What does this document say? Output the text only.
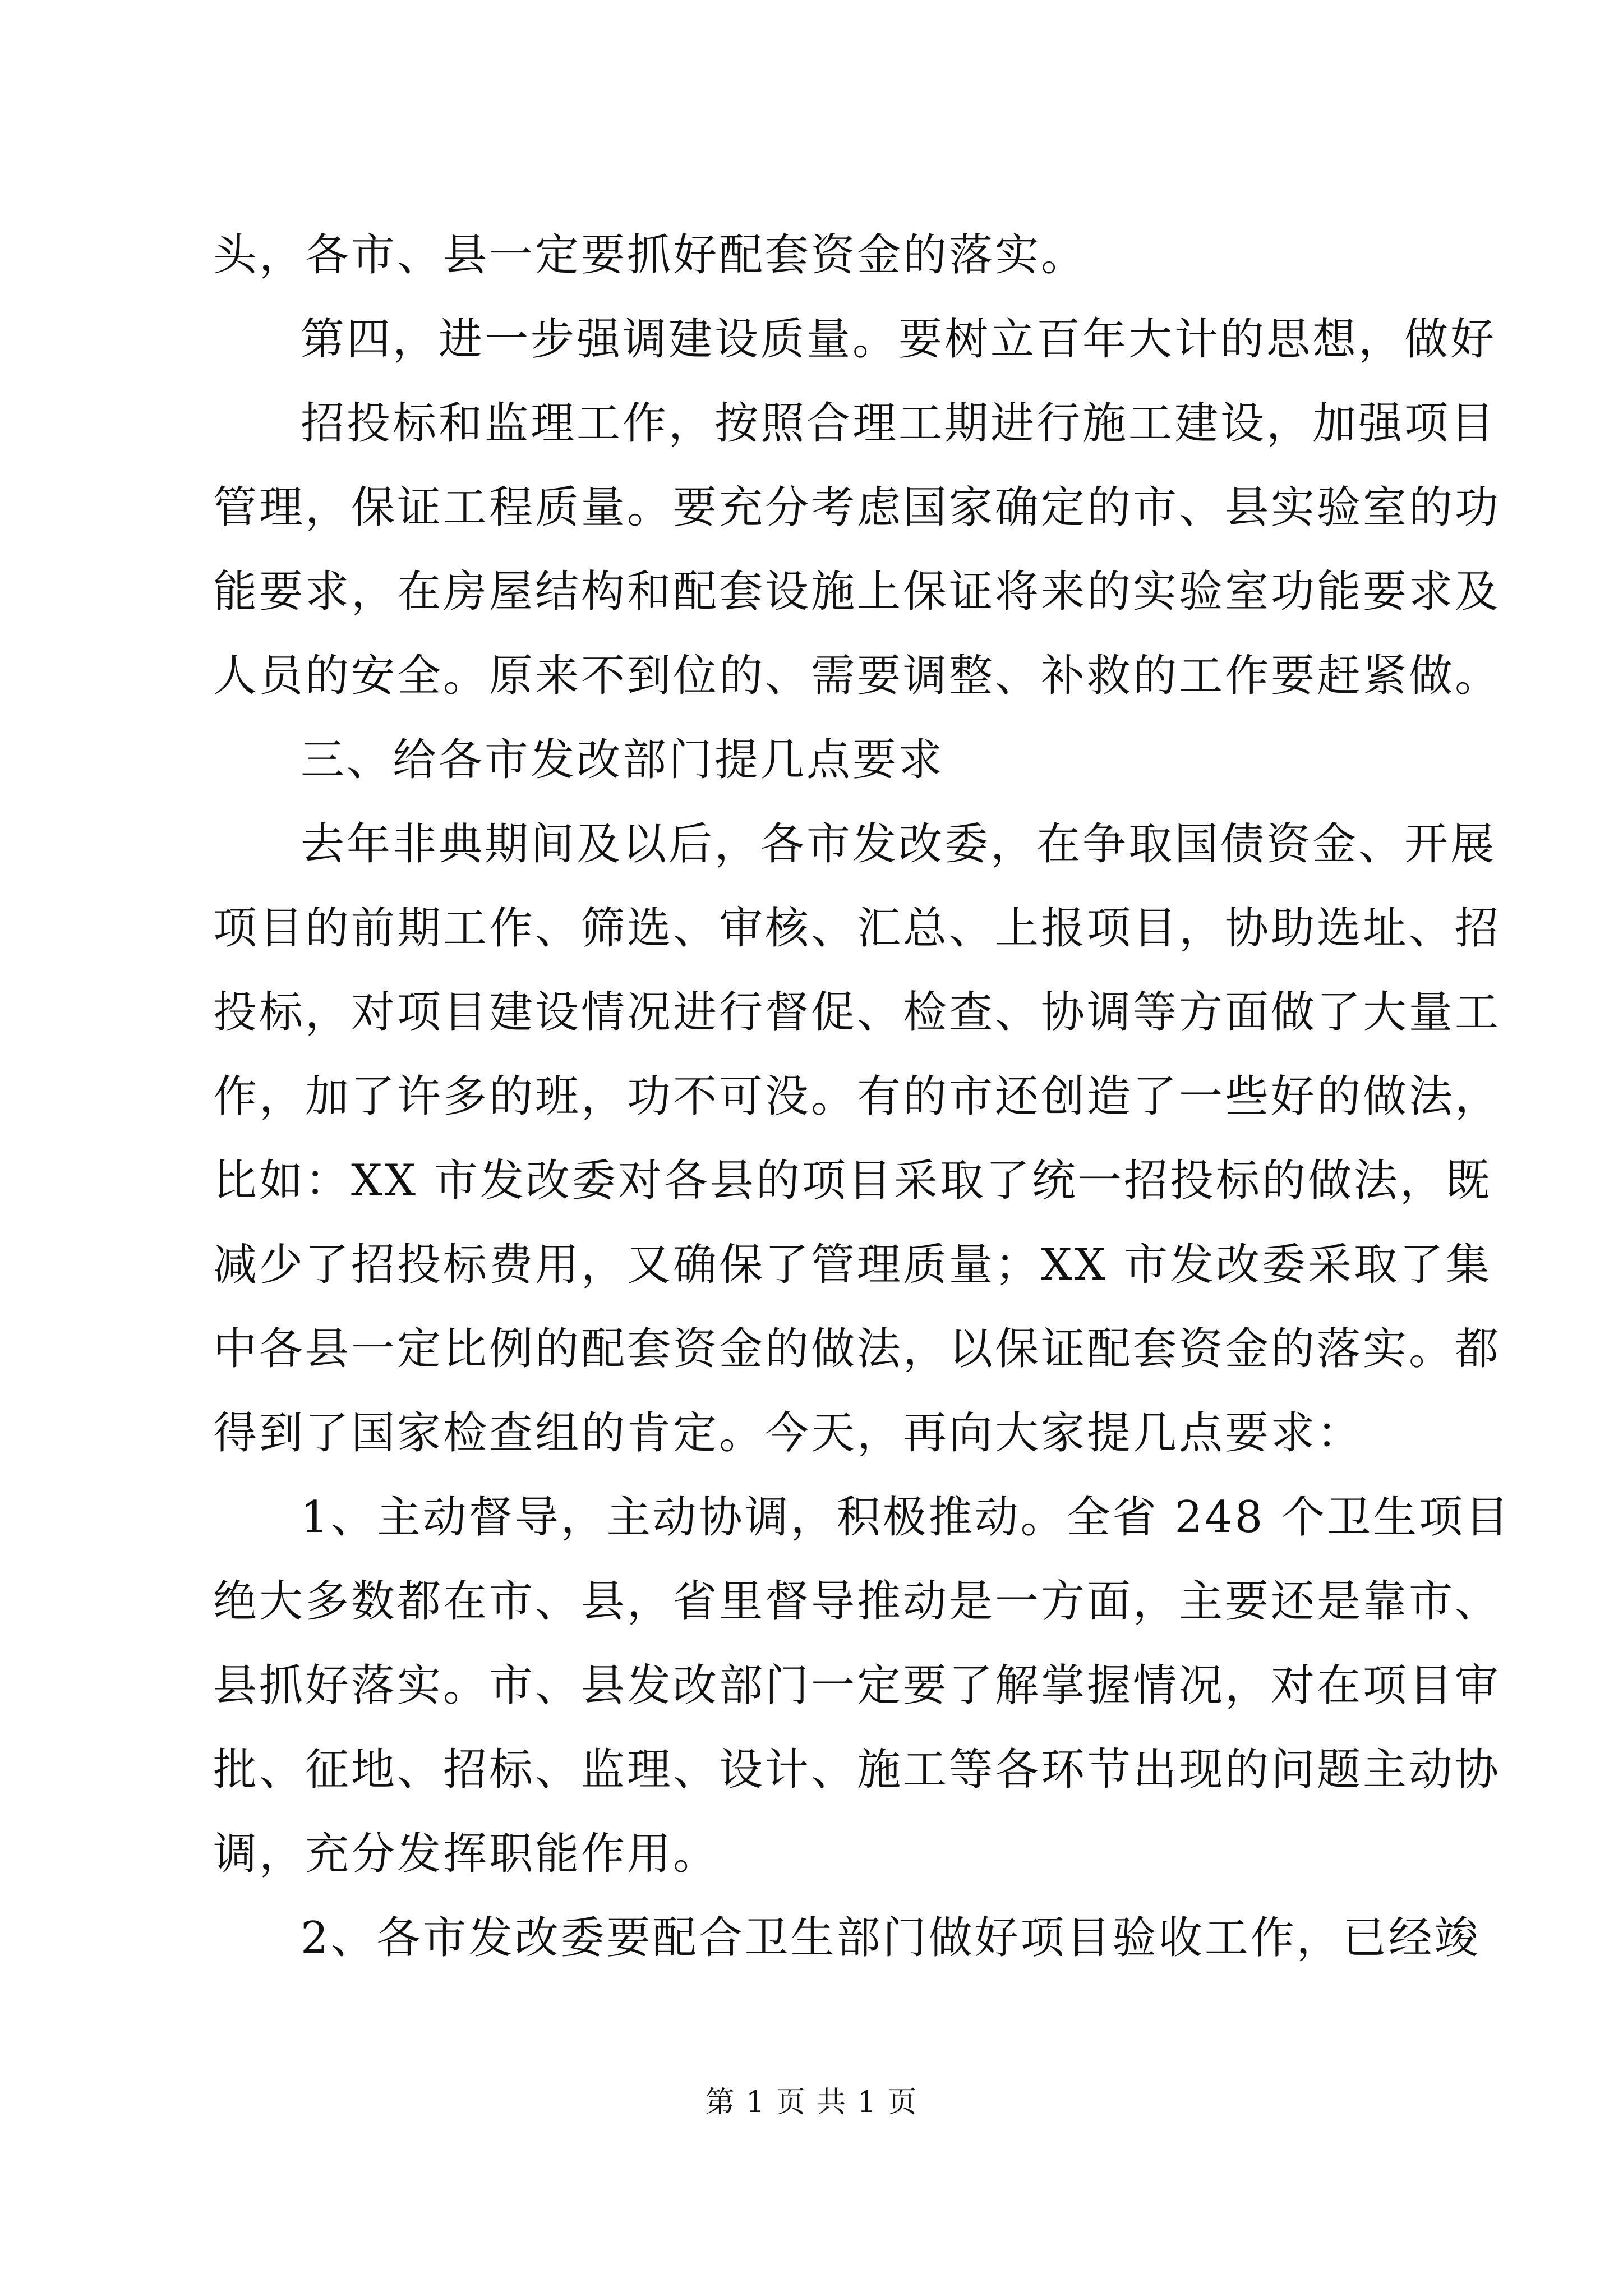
头，各市、县一定要抓好配套资金的落实。
第四，进一步强调建设质量。要树立百年大计的思想，做好
招投标和监理工作，按照合理工期进行施工建设，加强项目
管理，保证工程质量。要充分考虑国家确定的市、县实验室的功
能要求，在房屋结构和配套设施上保证将来的实验室功能要求及
人员的安全。原来不到位的、需要调整、补救的工作要赶紧做。
三、给各市发改部门提几点要求
去年非典期间及以后，各市发改委，在争取国债资金、开展
项目的前期工作、筛选、审核、汇总、上报项目，协助选址、招
投标，对项目建设情况进行督促、检查、协调等方面做了大量工
作，加了许多的班，功不可没。有的市还创造了一些好的做法，
比如：XX 市发改委对各县的项目采取了统一招投标的做法，既
减少了招投标费用，又确保了管理质量；XX 市发改委采取了集
中各县一定比例的配套资金的做法，以保证配套资金的落实。都
得到了国家检查组的肯定。今天，再向大家提几点要求：
1、主动督导，主动协调，积极推动。全省 248 个卫生项目
绝大多数都在市、县，省里督导推动是一方面，主要还是靠市、
县抓好落实。市、县发改部门一定要了解掌握情况，对在项目审
批、征地、招标、监理、设计、施工等各环节出现的问题主动协
调，充分发挥职能作用。
2、各市发改委要配合卫生部门做好项目验收工作，已经竣
第 1 页 共 1 页
